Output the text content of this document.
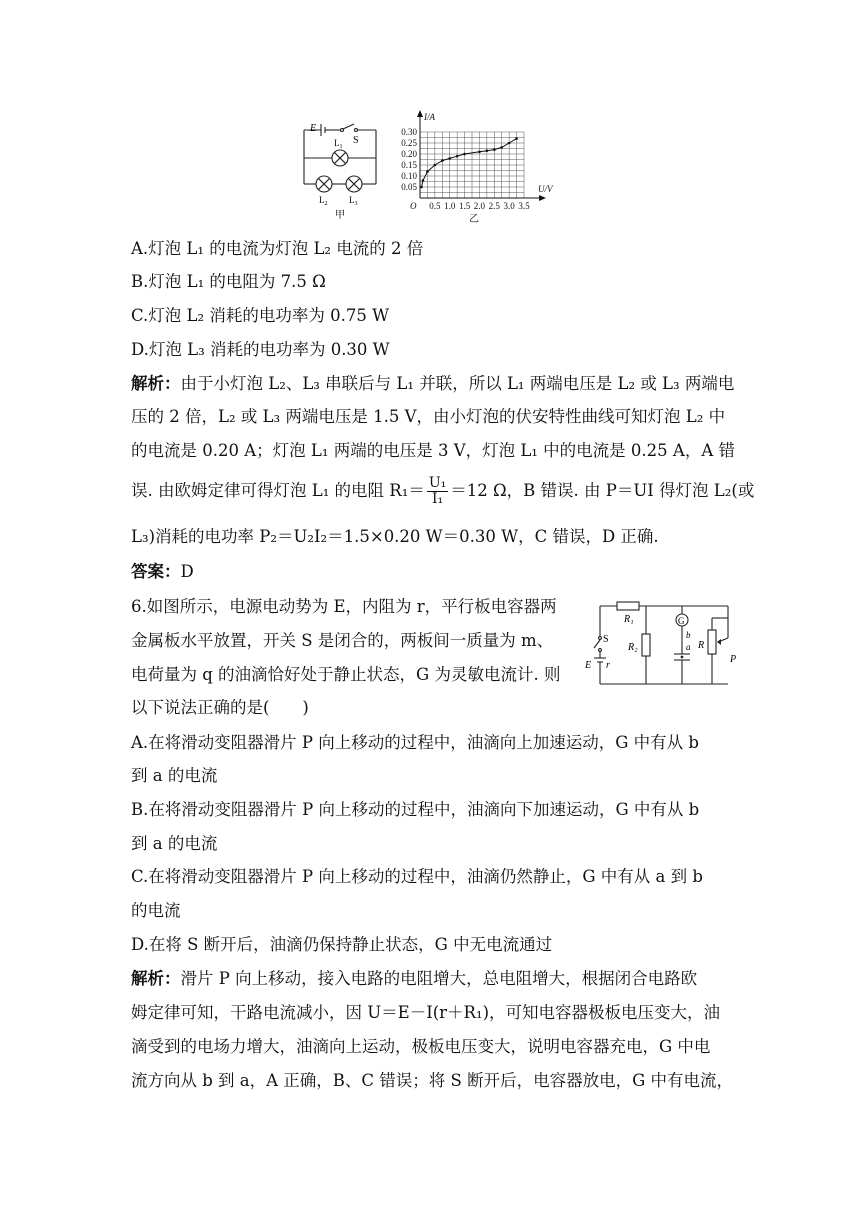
E
S
$L_1$
$L_2$ $L_3$
甲
0.5 1.0 1.5 2.0 2.5 3.0 3.5
0.05
0.10
0.15
0.20
0.25
0.30
U/V
I/A
O
乙
A.灯泡 L₁ 的电流为灯泡 L₂ 电流的 2 倍
B.灯泡 L₁ 的电阻为 7.5 Ω
C.灯泡 L₂ 消耗的电功率为 0.75 W
D.灯泡 L₃ 消耗的电功率为 0.30 W
解析：由于小灯泡 L₂、L₃ 串联后与 L₁ 并联，所以 L₁ 两端电压是 L₂ 或 L₃ 两端电
压的 2 倍，L₂ 或 L₃ 两端电压是 1.5 V，由小灯泡的伏安特性曲线可知灯泡 L₂ 中
的电流是 0.20 A；灯泡 L₁ 两端的电压是 3 V，灯泡 L₁ 中的电流是 0.25 A，A 错
误. 由欧姆定律可得灯泡 L₁ 的电阻 $R_1= \frac{\text{U₁}}{\text{I₁}} =12$ Ω，B 错误. 由 P＝UI 得灯泡 L₂(或
L₃)消耗的电功率 P₂＝U₂I₂＝1.5×0.20 W＝0.30 W，C 错误，D 正确.
答案：D
6.如图所示，电源电动势为 E，内阻为 r，平行板电容器两
金属板水平放置，开关 S 是闭合的，两板间一质量为 m、
电荷量为 q 的油滴恰好处于静止状态，G 为灵敏电流计. 则
以下说法正确的是(　　)
R₁
R₂
G
b
a R
P
S
E r
A.在将滑动变阻器滑片 P 向上移动的过程中，油滴向上加速运动，G 中有从 b
到 a 的电流
B.在将滑动变阻器滑片 P 向上移动的过程中，油滴向下加速运动，G 中有从 b
到 a 的电流
C.在将滑动变阻器滑片 P 向上移动的过程中，油滴仍然静止，G 中有从 a 到 b
的电流
D.在将 S 断开后，油滴仍保持静止状态，G 中无电流通过
解析：滑片 P 向上移动，接入电路的电阻增大，总电阻增大，根据闭合电路欧
姆定律可知，干路电流减小，因 U＝E－I(r＋R₁)，可知电容器极板电压变大，油
滴受到的电场力增大，油滴向上运动，极板电压变大，说明电容器充电，G 中电
流方向从 b 到 a，A 正确，B、C 错误；将 S 断开后，电容器放电，G 中有电流，
